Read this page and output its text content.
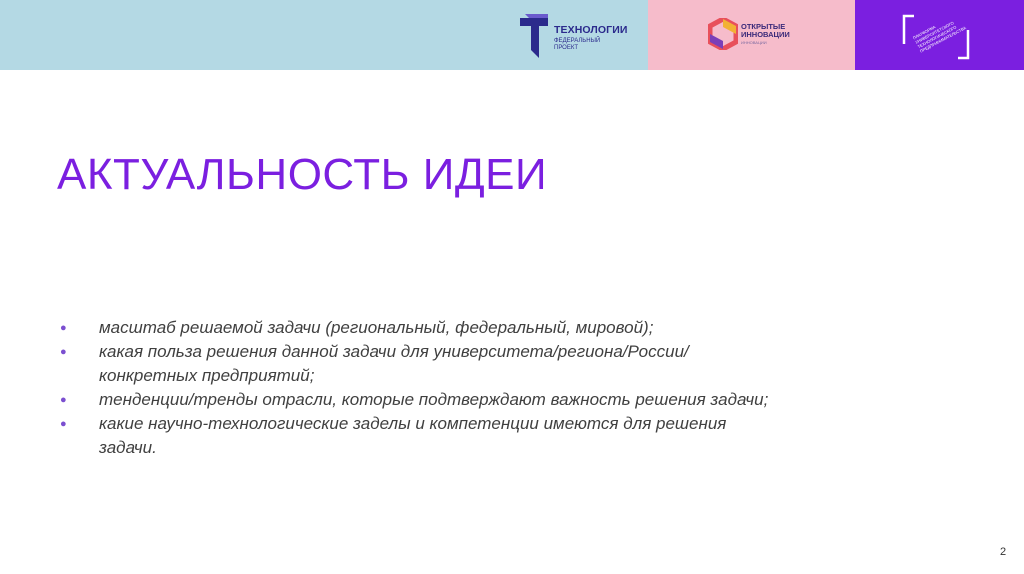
ТЕХНОЛОГИИ
ФЕДЕРАЛЬНЫЙ
ПРОЕКТ
ОТКРЫТЫЕ
ИННОВАЦИИ
ИННОВАЦИИ
ПЛАТФОРМА
УНИВЕРСИТЕТСКОГО
ТЕХНОЛОГИЧЕСКОГО
ПРЕДПРИНИМАТЕЛЬСТВА
АКТУАЛЬНОСТЬ ИДЕИ
● масштаб решаемой задачи (региональный, федеральный, мировой);
● какая польза решения данной задачи для университета/региона/России/ конкретных предприятий;
● тенденции/тренды отрасли, которые подтверждают важность решения задачи;
● какие научно-технологические заделы и компетенции имеются для решения задачи.
2
